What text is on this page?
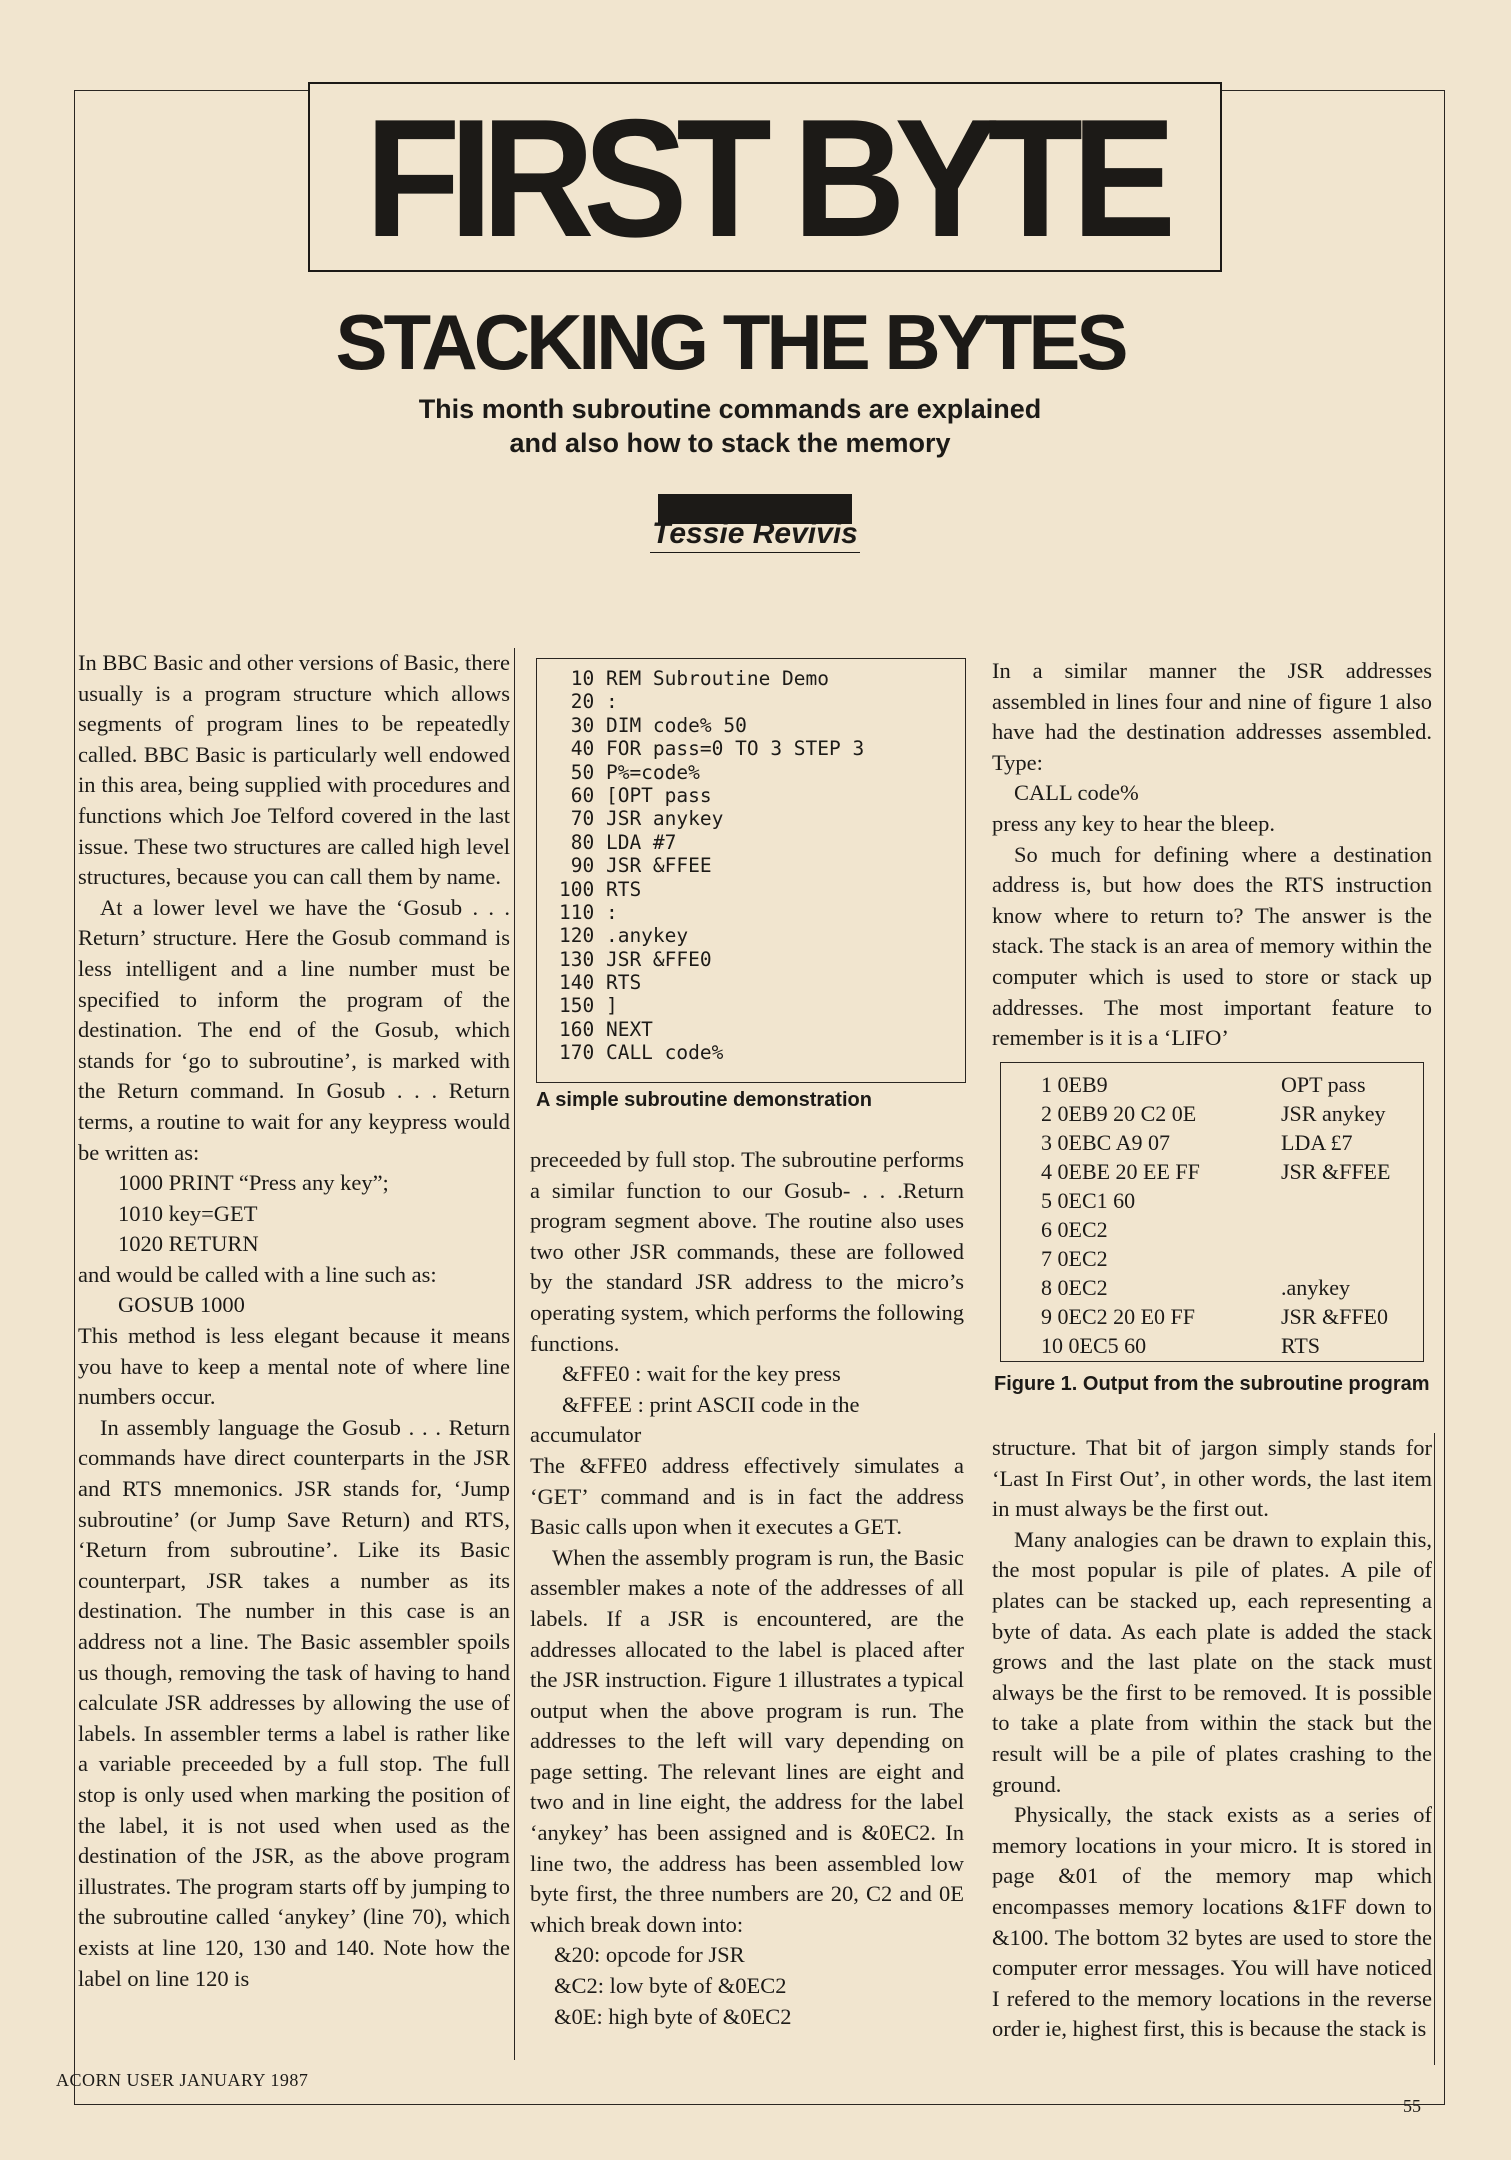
FIRST BYTE
STACKING THE BYTES
This month subroutine commands are explained
and also how to stack the memory
Tessie Revivis

In BBC Basic and other versions of Basic, there usually is a program structure which allows segments of program lines to be repeatedly called. BBC Basic is particularly well endowed in this area, being supplied with procedures and functions which Joe Telford covered in the last issue. These two structures are called high level structures, because you can call them by name.

At a lower level we have the ‘Gosub . . . Return’ structure. Here the Gosub command is less intelligent and a line number must be specified to inform the program of the destination. The end of the Gosub, which stands for ‘go to subroutine’, is marked with the Return command. In Gosub . . . Return terms, a routine to wait for any keypress would be written as:

1000 PRINT “Press any key”;

1010 key=GET

1020 RETURN

and would be called with a line such as:

GOSUB 1000

This method is less elegant because it means you have to keep a mental note of where line numbers occur.

In assembly language the Gosub . . . Return commands have direct counterparts in the JSR and RTS mnemonics. JSR stands for, ‘Jump subroutine’ (or Jump Save Return) and RTS, ‘Return from subroutine’. Like its Basic counterpart, JSR takes a number as its destination. The number in this case is an address not a line. The Basic assembler spoils us though, removing the task of having to hand calculate JSR addresses by allowing the use of labels. In assembler terms a label is rather like a variable preceeded by a full stop. The full stop is only used when marking the position of the label, it is not used when used as the destination of the JSR, as the above program illustrates. The program starts off by jumping to the subroutine called ‘anykey’ (line 70), which exists at line 120, 130 and 140. Note how the label on line 120 is

10 REM Subroutine Demo
20 :
30 DIM code% 50
40 FOR pass=0 TO 3 STEP 3
50 P%=code%
60 [OPT pass
70 JSR anykey
80 LDA #7
90 JSR &FFEE
100 RTS
110 :
120 .anykey
130 JSR &FFE0
140 RTS
150 ]
160 NEXT
170 CALL code%
A simple subroutine demonstration

preceeded by full stop. The subroutine performs a similar function to our Gosub- . . .Return program segment above. The routine also uses two other JSR commands, these are followed by the standard JSR address to the micro’s operating system, which performs the following functions.

&FFE0 : wait for the key press

&FFEE : print ASCII code in the accumulator

The &FFE0 address effectively simulates a ‘GET’ command and is in fact the address Basic calls upon when it executes a GET.

When the assembly program is run, the Basic assembler makes a note of the addresses of all labels. If a JSR is encountered, are the addresses allocated to the label is placed after the JSR instruction. Figure 1 illustrates a typical output when the above program is run. The addresses to the left will vary depending on page setting. The relevant lines are eight and two and in line eight, the address for the label ‘anykey’ has been assigned and is &0EC2. In line two, the address has been assembled low byte first, the three numbers are 20, C2 and 0E which break down into:

&20: opcode for JSR

&C2: low byte of &0EC2

&0E: high byte of &0EC2

In a similar manner the JSR addresses assembled in lines four and nine of figure 1 also have had the destination addresses assembled. Type:

CALL code%

press any key to hear the bleep.

So much for defining where a destination address is, but how does the RTS instruction know where to return to? The answer is the stack. The stack is an area of memory within the computer which is used to store or stack up addresses. The most important feature to remember is it is a ‘LIFO’

1 0EB9	OPT pass
2 0EB9 20 C2 0E	JSR anykey
3 0EBC A9 07	LDA £7
4 0EBE 20 EE FF	JSR &FFEE
5 0EC1 60
6 0EC2
7 0EC2
8 0EC2	.anykey
9 0EC2 20 E0 FF	JSR &FFE0
10 0EC5 60	RTS
Figure 1. Output from the subroutine program

structure. That bit of jargon simply stands for ‘Last In First Out’, in other words, the last item in must always be the first out.

Many analogies can be drawn to explain this, the most popular is pile of plates. A pile of plates can be stacked up, each representing a byte of data. As each plate is added the stack grows and the last plate on the stack must always be the first to be removed. It is possible to take a plate from within the stack but the result will be a pile of plates crashing to the ground.

Physically, the stack exists as a series of memory locations in your micro. It is stored in page &01 of the memory map which encompasses memory locations &1FF down to &100. The bottom 32 bytes are used to store the computer error messages. You will have noticed I refered to the memory locations in the reverse order ie, highest first, this is because the stack is

ACORN USER JANUARY 1987
55
